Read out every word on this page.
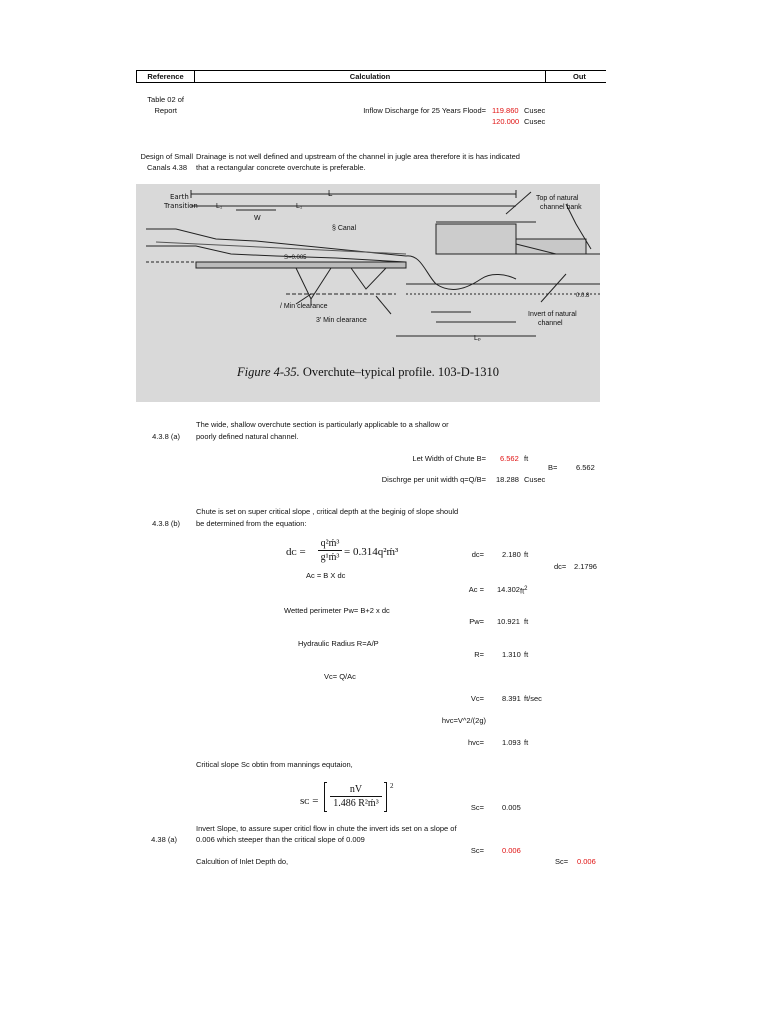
Reference	Calculation	Out
Table 02 of
Report	Inflow Discharge for 25 Years Flood= 119.860 Cusec
120.000 Cusec
Design of Small
Canals 4.38
Drainage is not well defined and upstream of the channel in jugle area therefore it is has indicated
that a rectangular concrete overchute is preferable.
Earth
Transition
L
L₁	L₁
W
§ Canal
Top of natural
channel bank
S=0.005
/ Min clearance
3' Min clearance
Invert of natural
channel
Lₚ
0.0.8
Figure 4-35. Overchute–typical profile. 103-D-1310
The wide, shallow overchute section is particularly applicable to a shallow or
4.3.8 (a) poorly defined natural channel.
Let Width of Chute B= 6.562 ft
B= 6.562
Dischrge per unit width q=Q/B= 18.288 Cusec
Chute is set on super critical slope , critical depth at the beginig of slope should
4.3.8 (b) be determined from the equation:
dᴄ =
q²ḿ³
g¹ḿ³ = 0.314q²ḿ³	dc= 2.180 ft
dc= 2.1796
Ac = B X dc
Ac = 14.302 $ft^2$
Wetted perimeter Pw= B+2 x dc
Pw= 10.921 ft
Hydraulic Radius R=A/P
R= 1.310 ft
Vc= Q/Ac
Vc= 8.391 ft/sec
hvc=V^2/(2g)
hvc= 1.093 ft
Critical slope Sc obtin from mannings equtaion,
sᴄ =
nV
1.486 R²ḿ³
2
Sc= 0.005
Invert Slope, to assure super criticl flow in chute the invert ids set on a slope of
4.38 (a)	0.006 which steeper than the critical slope of 0.009
Sc= 0.006
Calcultion of Inlet Depth do,	Sc= 0.006
